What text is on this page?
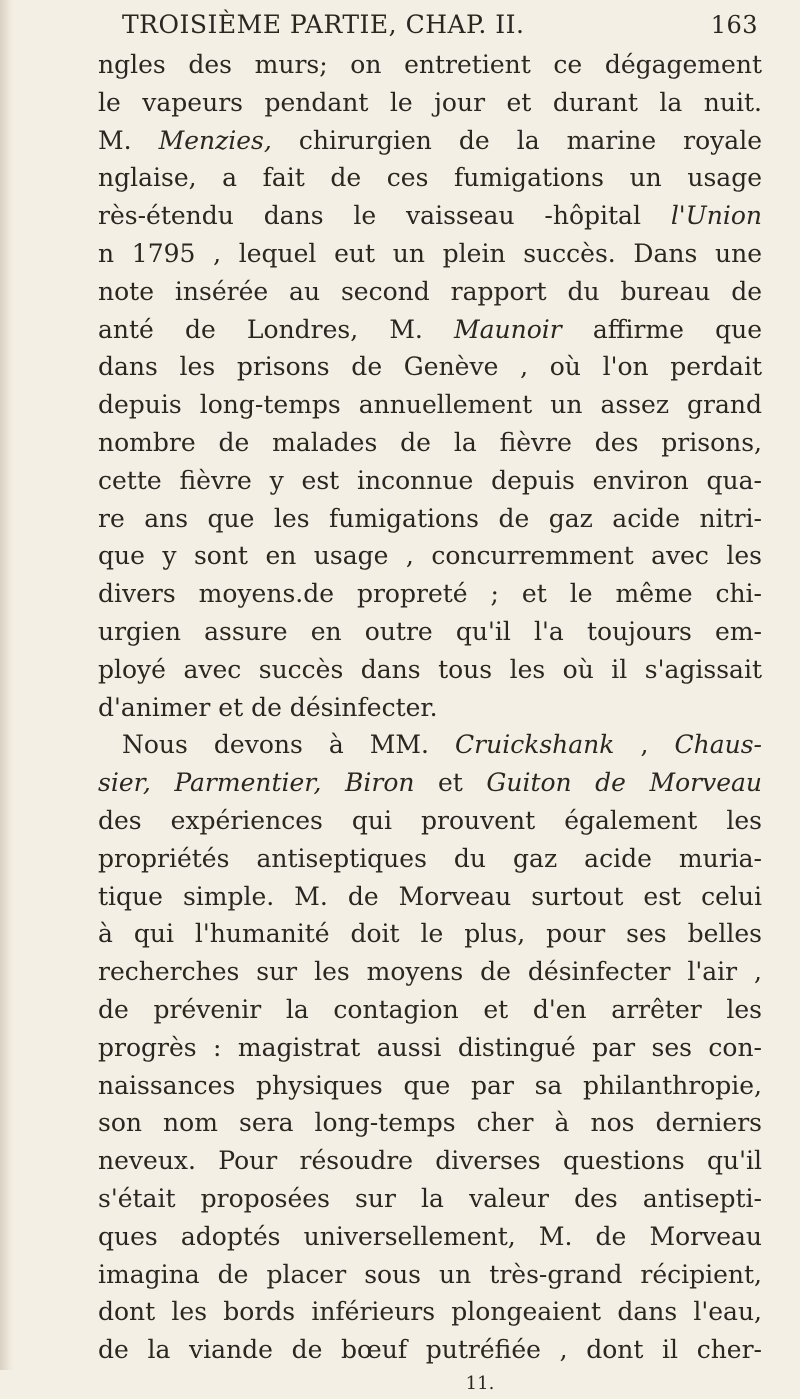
TROISIÈME PARTIE, CHAP. II.	163
ngles des murs; on entretient ce dégagement
le vapeurs pendant le jour et durant la nuit.
M. Menzies, chirurgien de la marine royale
nglaise, a fait de ces fumigations un usage
rès-étendu dans le vaisseau -hôpital l'Union
n 1795 , lequel eut un plein succès. Dans une
note insérée au second rapport du bureau de
anté de Londres, M. Maunoir affirme que
dans les prisons de Genève , où l'on perdait
depuis long-temps annuellement un assez grand
nombre de malades de la fièvre des prisons,
cette fièvre y est inconnue depuis environ qua-
re ans que les fumigations de gaz acide nitri-
que y sont en usage , concurremment avec les
divers moyens.de propreté ; et le même chi-
urgien assure en outre qu'il l'a toujours em-
ployé avec succès dans tous les où il s'agissait
d'animer et de désinfecter.
Nous devons à MM. Cruickshank , Chaus-
sier, Parmentier, Biron et Guiton de Morveau
des expériences qui prouvent également les
propriétés antiseptiques du gaz acide muria-
tique simple. M. de Morveau surtout est celui
à qui l'humanité doit le plus, pour ses belles
recherches sur les moyens de désinfecter l'air ,
de prévenir la contagion et d'en arrêter les
progrès : magistrat aussi distingué par ses con-
naissances physiques que par sa philanthropie,
son nom sera long-temps cher à nos derniers
neveux. Pour résoudre diverses questions qu'il
s'était proposées sur la valeur des antisepti-
ques adoptés universellement, M. de Morveau
imagina de placer sous un très-grand récipient,
dont les bords inférieurs plongeaient dans l'eau,
de la viande de bœuf putréfiée , dont il cher-
11.
